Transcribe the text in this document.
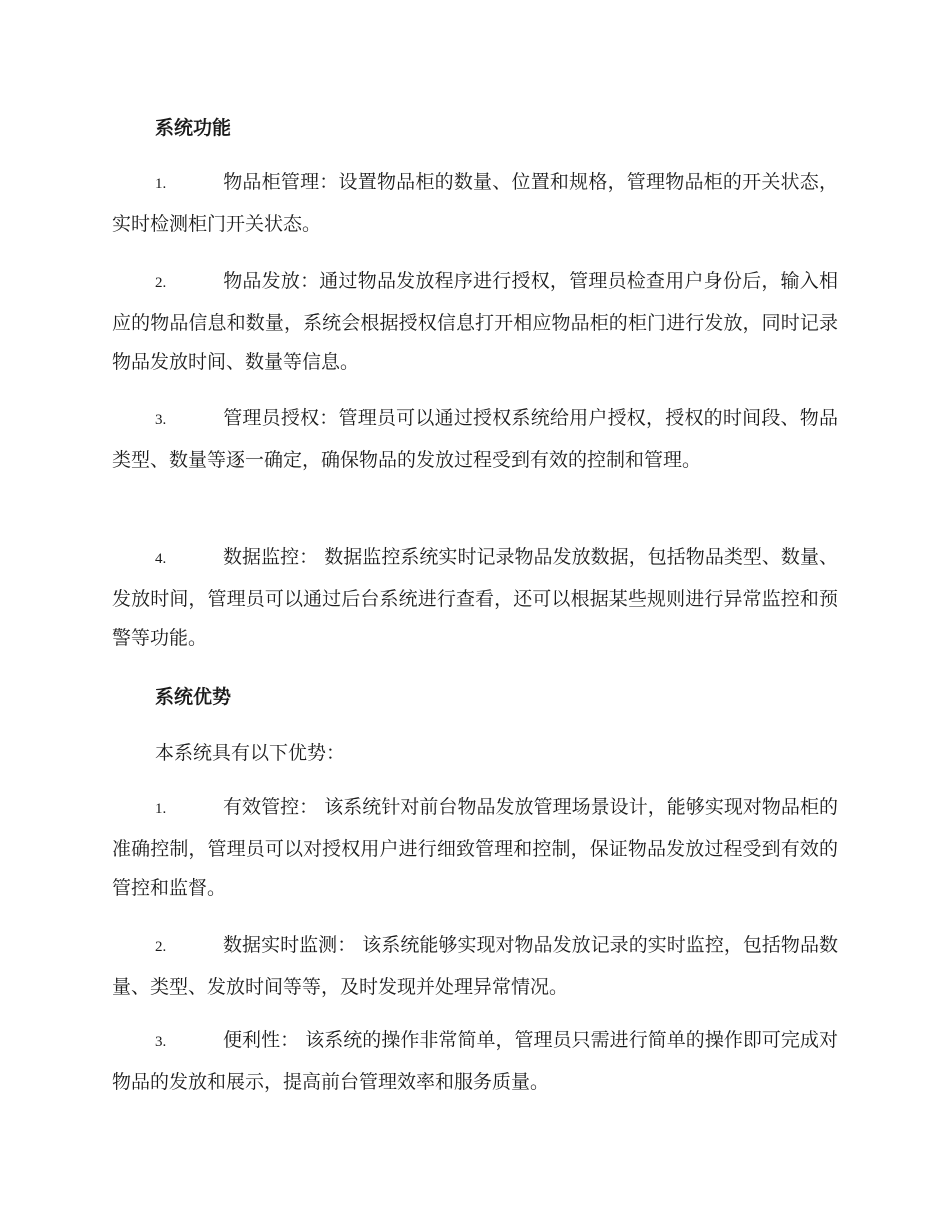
系统功能
1.	物品柜管理：设置物品柜的数量、位置和规格，管理物品柜的开关状态，实时检测柜门开关状态。
2.	物品发放：通过物品发放程序进行授权，管理员检查用户身份后，输入相应的物品信息和数量，系统会根据授权信息打开相应物品柜的柜门进行发放，同时记录物品发放时间、数量等信息。
3.	管理员授权：管理员可以通过授权系统给用户授权，授权的时间段、物品类型、数量等逐一确定，确保物品的发放过程受到有效的控制和管理。
4.	数据监控： 数据监控系统实时记录物品发放数据，包括物品类型、数量、发放时间，管理员可以通过后台系统进行查看，还可以根据某些规则进行异常监控和预警等功能。
系统优势
本系统具有以下优势：
1.	有效管控： 该系统针对前台物品发放管理场景设计，能够实现对物品柜的准确控制，管理员可以对授权用户进行细致管理和控制，保证物品发放过程受到有效的管控和监督。
2.	数据实时监测： 该系统能够实现对物品发放记录的实时监控，包括物品数量、类型、发放时间等等，及时发现并处理异常情况。
3.	便利性： 该系统的操作非常简单，管理员只需进行简单的操作即可完成对物品的发放和展示，提高前台管理效率和服务质量。
